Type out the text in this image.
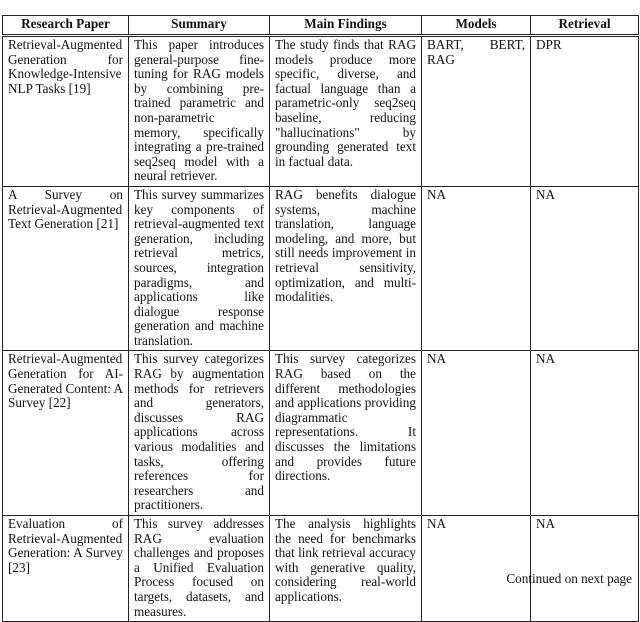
Research Paper	Summary	Main Findings	Models	Retrieval
Retrieval-Augmented Generation for Knowledge-Intensive NLP Tasks [19]	This paper introduces general-purpose fine-tuning for RAG models by combining pre-trained parametric and non-parametric memory, specifically integrating a pre-trained seq2seq model with a neural retriever.	The study finds that RAG models produce more specific, diverse, and factual language than a parametric-only seq2seq baseline, reducing "hallucinations" by grounding generated text in factual data.	BART, BERT, RAG	DPR
A Survey on Retrieval-Augmented Text Generation [21]	This survey summarizes key components of retrieval-augmented text generation, including retrieval metrics, sources, integration paradigms, and applications like dialogue response generation and machine translation.	RAG benefits dialogue systems, machine translation, language modeling, and more, but still needs improvement in retrieval sensitivity, optimization, and multi-modalities.	NA	NA
Retrieval-Augmented Generation for AI-Generated Content: A Survey [22]	This survey categorizes RAG by augmentation methods for retrievers and generators, discusses RAG applications across various modalities and tasks, offering references for researchers and practitioners.	This survey categorizes RAG based on the different methodologies and applications providing diagrammatic representations. It discusses the limitations and provides future directions.	NA	NA
Evaluation of Retrieval-Augmented Generation: A Survey [23]	This survey addresses RAG evaluation challenges and proposes a Unified Evaluation Process focused on targets, datasets, and measures.	The analysis highlights the need for benchmarks that link retrieval accuracy with generative quality, considering real-world applications.	NA	NA
Continued on next page
